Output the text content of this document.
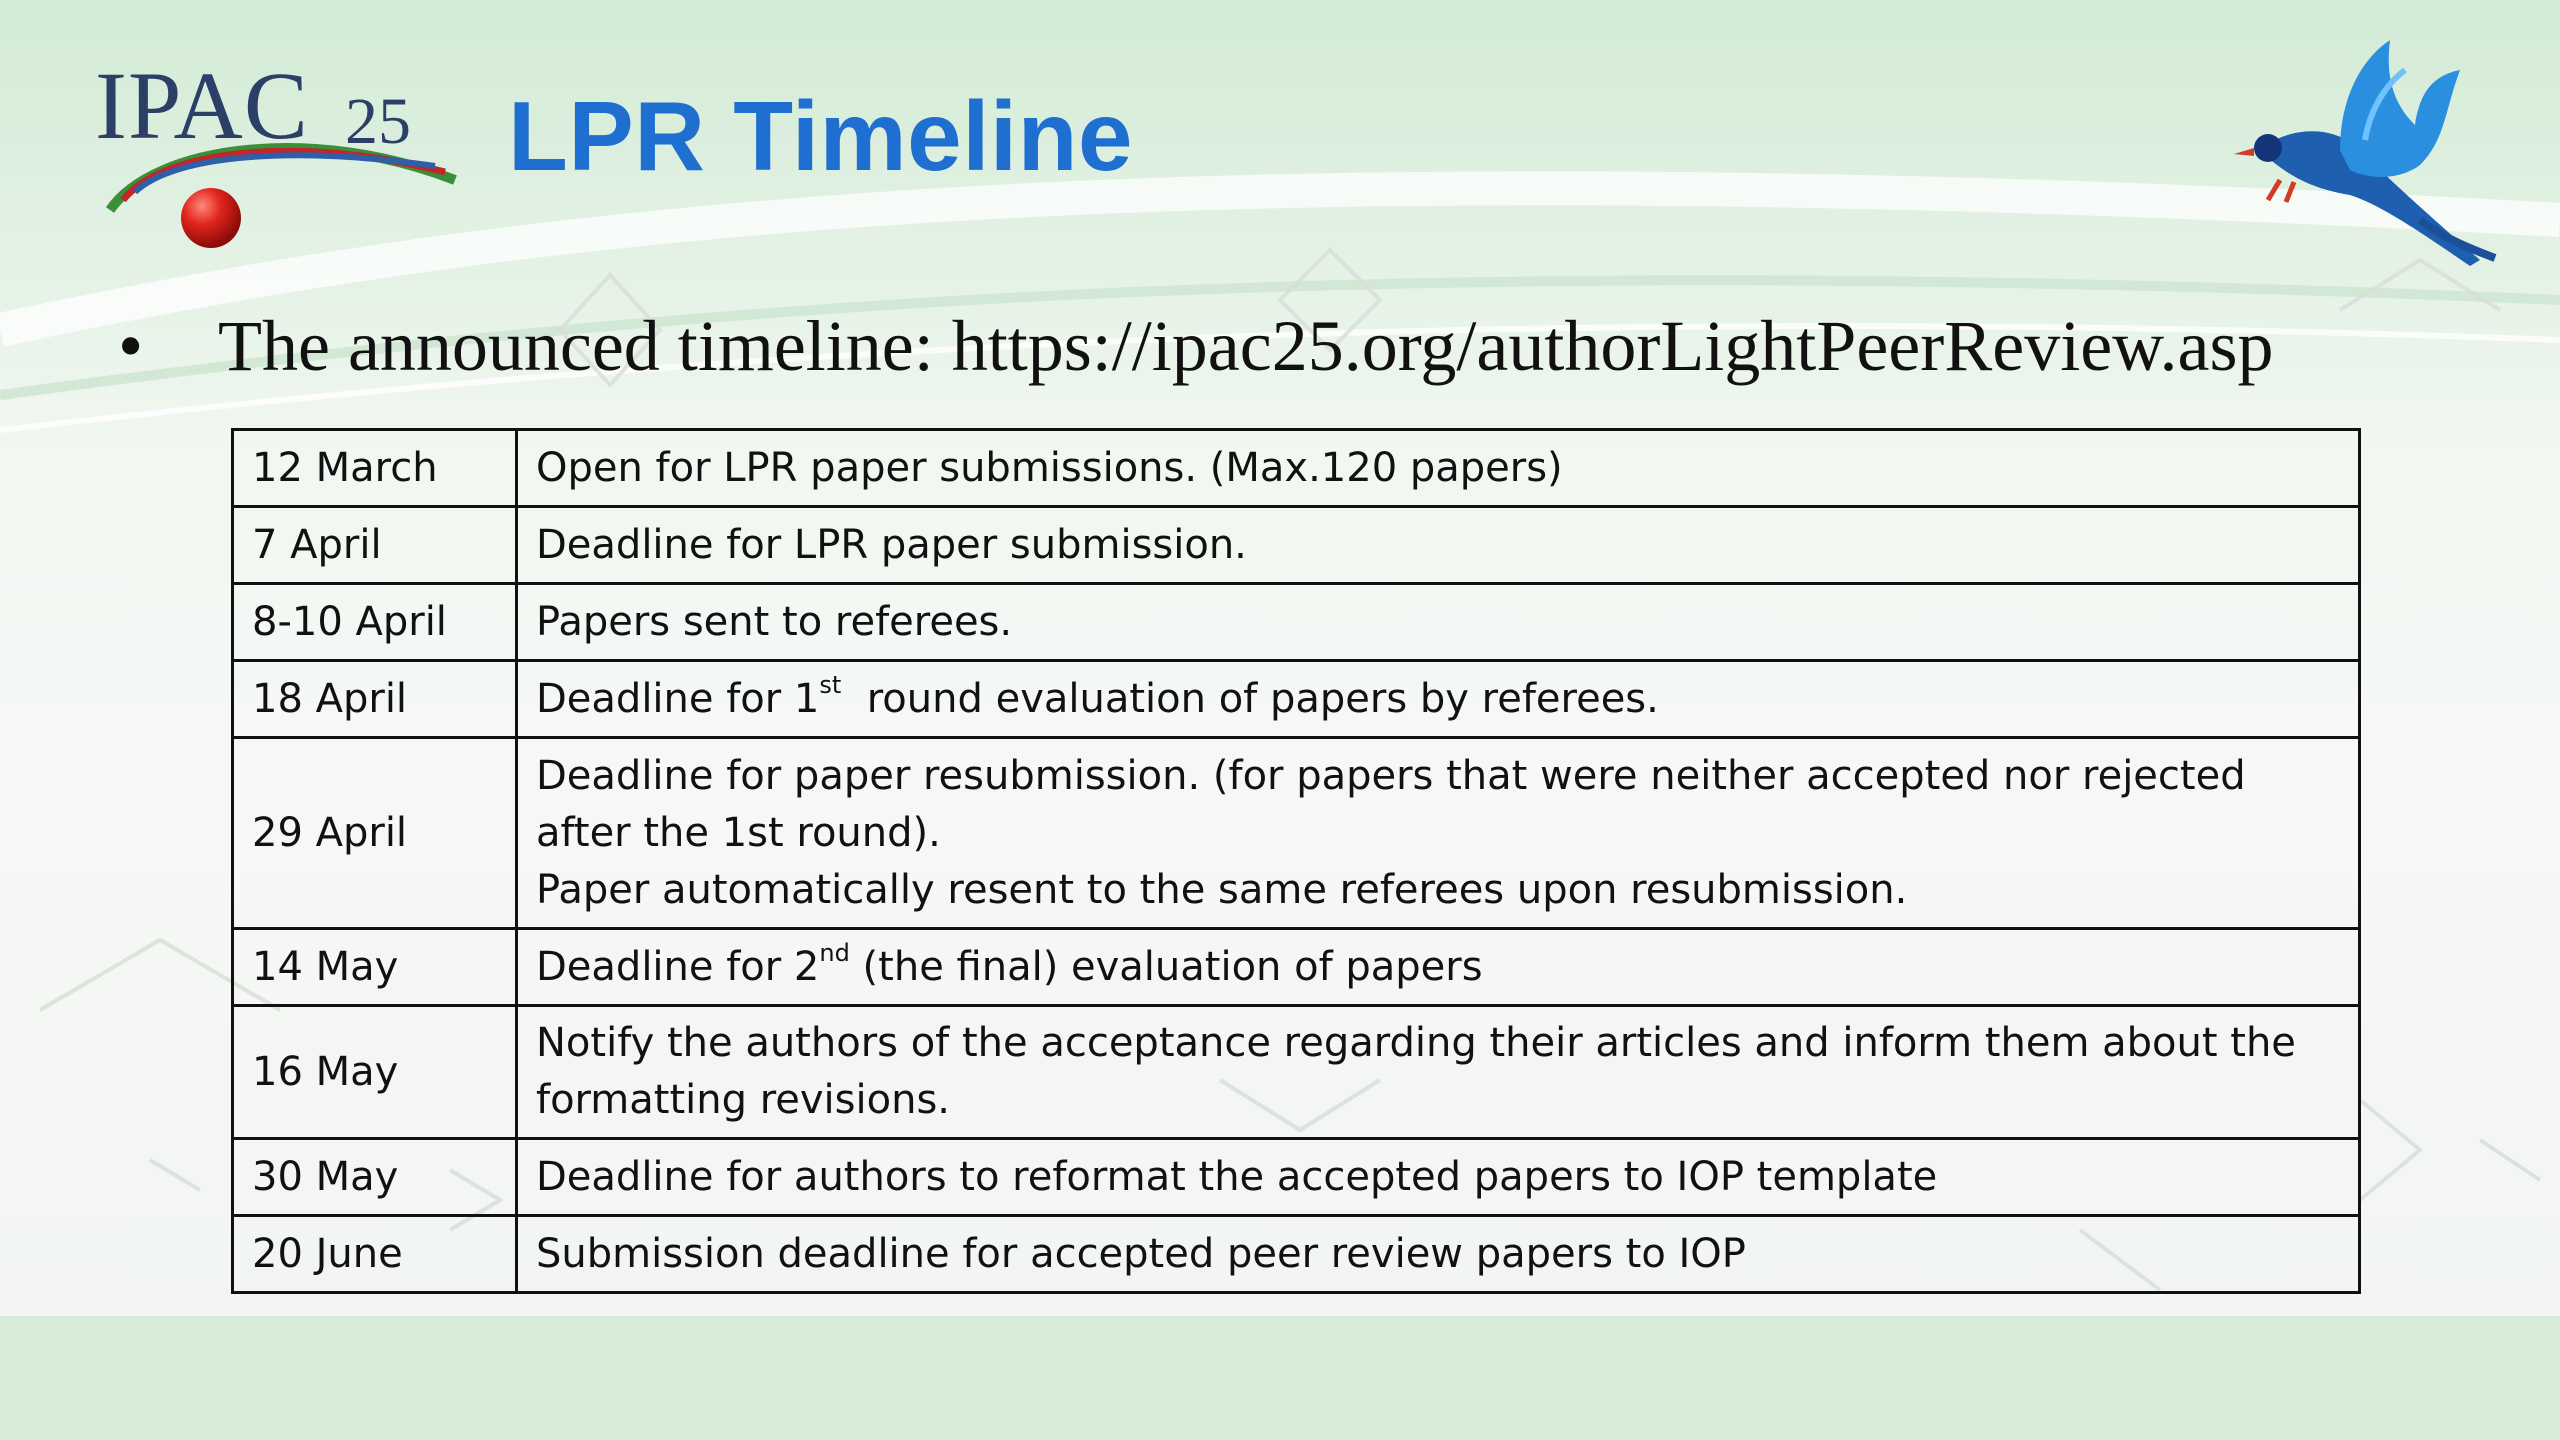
IPAC 25 LPR Timeline
• The announced timeline: https://ipac25.org/authorLightPeerReview.asp
12 March	Open for LPR paper submissions. (Max.120 papers)
7 April	Deadline for LPR paper submission.
8-10 April	Papers sent to referees.
18 April	Deadline for 1st  round evaluation of papers by referees.
29 April	Deadline for paper resubmission. (for papers that were neither accepted nor rejected after the 1st round).
Paper automatically resent to the same referees upon resubmission.

14 May	Deadline for 2nd (the final) evaluation of papers
16 May	Notify the authors of the acceptance regarding their articles and inform them about the formatting revisions.
30 May	Deadline for authors to reformat the accepted papers to IOP template
20 June	Submission deadline for accepted peer review papers to IOP
